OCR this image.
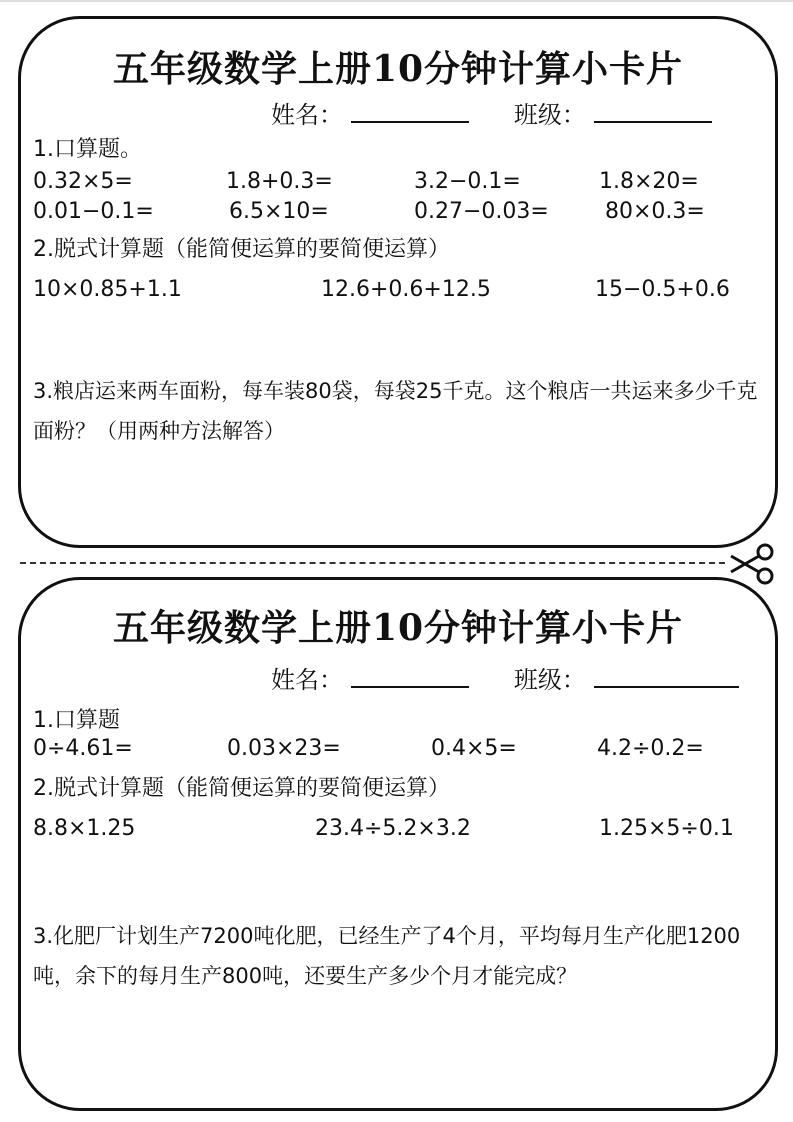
五年级数学上册10分钟计算小卡片
姓名：	班级：
1.口算题。
0.32×5=	1.8+0.3=	3.2−0.1=	1.8×20=
0.01−0.1=	6.5×10=	0.27−0.03=	80×0.3=
2.脱式计算题（能简便运算的要简便运算）
10×0.85+1.1	12.6+0.6+12.5	15−0.5+0.6
3.粮店运来两车面粉，每车装80袋，每袋25千克。这个粮店一共运来多少千克面粉？（用两种方法解答）
五年级数学上册10分钟计算小卡片
姓名：	班级：
1.口算题
0÷4.61=	0.03×23=	0.4×5=	4.2÷0.2=
2.脱式计算题（能简便运算的要简便运算）
8.8×1.25	23.4÷5.2×3.2	1.25×5÷0.1
3.化肥厂计划生产7200吨化肥，已经生产了4个月，平均每月生产化肥1200吨，余下的每月生产800吨，还要生产多少个月才能完成？
